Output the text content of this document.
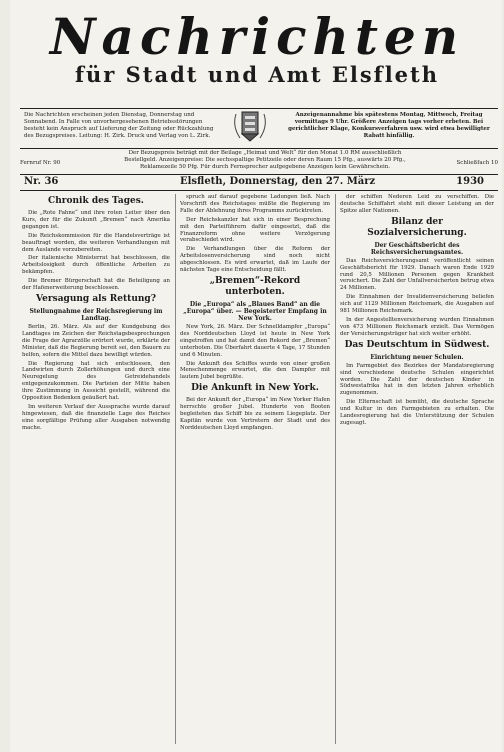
Nachrichten
für Stadt und Amt Elsfleth
Die Nachrichten erscheinen jeden Dienstag, Donnerstag und Sonnabend. In Falle von unvorhergesehenen Betriebsstörungen besteht kein Anspruch auf Lieferung der Zeitung oder Rückzahlung des Bezugspreises. Leitung: H. Zirk. Druck und Verlag von L. Zirk.
Anzeigenannahme bis spätestens Montag, Mittwoch, Freitag vormittags 9 Uhr. Größere Anzeigen tags vorher erbeten. Bei gerichtlicher Klage, Konkursverfahren usw. wird etwa bewilligter Rabatt hinfällig.
Fernruf Nr. 90
Der Bezugspreis beträgt mit der Beilage „Heimat und Welt“ für den Monat 1.0 RM ausschließlich Bestellgeld. Anzeigenpreise: Die sechsspaltige Petitzeile oder deren Raum 15 Pfg., auswärts 20 Pfg., Reklamezeile 50 Pfg. Für durch Fernsprecher aufgegebene Anzeigen kein Gewährschein.
Schließfach 10
Nr. 36	Elsfleth, Donnerstag, den 27. März	1930
Chronik des Tages.

Die „Rote Fahne“ und ihre roten Leiter über den Kurs, der für die Zukunft „Bremen“ nach Amerika gegangen ist.

Die Reichskommission für die Handelsverträge ist beauftragt worden, die weiteren Verhandlungen mit dem Auslande vorzubereiten.

Der italienische Ministerrat hat beschlossen, die Arbeitslosigkeit durch öffentliche Arbeiten zu bekämpfen.

Die Bremer Bürgerschaft hat die Beteiligung an der Hafenerweiterung beschlossen.

Versagung als Rettung?
Stellungnahme der Reichsregierung im Landtag.

Berlin, 26. März. Als auf der Kundgebung des Landtages im Zeichen der Reichstagsbesprechungen die Frage der Agrarzölle erörtert wurde, erklärte der Minister, daß die Regierung bereit sei, den Bauern zu helfen, sofern die Mittel dazu bewilligt würden.

Die Regierung hat sich entschlossen, den Landwirten durch Zollerhöhungen und durch eine Neuregelung des Getreidehandels entgegenzukommen. Die Parteien der Mitte haben ihre Zustimmung in Aussicht gestellt, während die Opposition Bedenken geäußert hat.

Im weiteren Verlauf der Aussprache wurde darauf hingewiesen, daß die finanzielle Lage des Reiches eine sorgfältige Prüfung aller Ausgaben notwendig mache.

spruch auf darauf gegebene Ladungen ließ. Nach Vorschrift des Reichstages müßte die Regierung im Falle der Ablehnung ihres Programms zurücktreten.

Der Reichskanzler hat sich in einer Besprechung mit den Parteiführern dafür eingesetzt, daß die Finanzreform ohne weitere Verzögerung verabschiedet wird.

Die Verhandlungen über die Reform der Arbeitslosenversicherung sind noch nicht abgeschlossen. Es wird erwartet, daß im Laufe der nächsten Tage eine Entscheidung fällt.

„Bremen“-Rekord unterboten.
Die „Europa“ als „Blaues Band“ an die „Europa“ über. — Begeisterter Empfang in New York.

New York, 26. März. Der Schnelldampfer „Europa“ des Norddeutschen Lloyd ist heute in New York eingetroffen und hat damit den Rekord der „Bremen“ unterboten. Die Überfahrt dauerte 4 Tage, 17 Stunden und 6 Minuten.

Die Ankunft des Schiffes wurde von einer großen Menschenmenge erwartet, die den Dampfer mit lautem Jubel begrüßte.

Die Ankunft in New York.

Bei der Ankunft der „Europa“ im New Yorker Hafen herrschte großer Jubel. Hunderte von Booten begleiteten das Schiff bis zu seinem Liegeplatz. Der Kapitän wurde von Vertretern der Stadt und des Norddeutschen Lloyd empfangen.

der schiffen Nederen Leid zu verschiffen. Die deutsche Schiffahrt steht mit dieser Leistung an der Spitze aller Nationen.

Bilanz der Sozialversicherung.
Der Geschäftsbericht des Reichsversicherungsamtes.

Das Reichsversicherungsamt veröffentlicht seinen Geschäftsbericht für 1929. Danach waren Ende 1929 rund 20,5 Millionen Personen gegen Krankheit versichert. Die Zahl der Unfallversicherten betrug etwa 24 Millionen.

Die Einnahmen der Invalidenversicherung beliefen sich auf 1129 Millionen Reichsmark, die Ausgaben auf 981 Millionen Reichsmark.

In der Angestelltenversicherung wurden Einnahmen von 473 Millionen Reichsmark erzielt. Das Vermögen der Versicherungsträger hat sich weiter erhöht.

Das Deutschtum in Südwest.
Einrichtung neuer Schulen.

Im Farmgebiet des Bezirkes der Mandatsregierung sind verschiedene deutsche Schulen eingerichtet worden. Die Zahl der deutschen Kinder in Südwestafrika hat in den letzten Jahren erheblich zugenommen.

Die Elternschaft ist bemüht, die deutsche Sprache und Kultur in den Farmgebieten zu erhalten. Die Landesregierung hat die Unterstützung der Schulen zugesagt.
